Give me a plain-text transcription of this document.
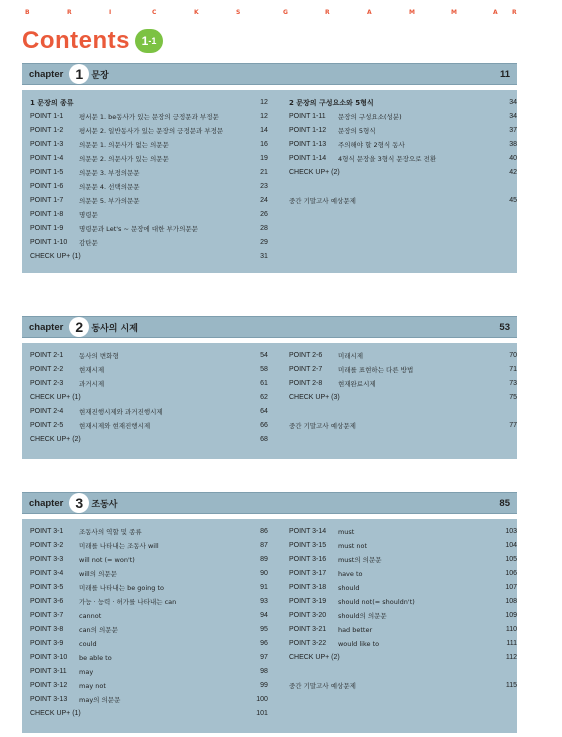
B	R	I	C	K	S	G	R	A	M	M	A R
Contents 1 -1
chapter 1 문장	11
1 문장의 종류	12
POINT 1-1 평서문 1. be동사가 있는 문장의 긍정문과 부정문	12
POINT 1-2 평서문 2. 일반동사가 있는 문장의 긍정문과 부정문	14
POINT 1-3 의문문 1. 의문사가 없는 의문문	16
POINT 1-4 의문문 2. 의문사가 있는 의문문	19
POINT 1-5 의문문 3. 부정의문문	21
POINT 1-6 의문문 4. 선택의문문	23
POINT 1-7 의문문 5. 부가의문문	24
POINT 1-8 명령문	26
POINT 1-9 명령문과 Let's ~ 문장에 대한 부가의문문	28
POINT 1-10 감탄문	29
CHECK UP+ (1)	31
2 문장의 구성요소와 5형식	34
POINT 1-11 문장의 구성요소(성분)	34
POINT 1-12 문장의 5형식	37
POINT 1-13 주의해야 할 2형식 동사	38
POINT 1-14 4형식 문장을 3형식 문장으로 전환	40
CHECK UP+ (2)	42
중간 기말고사 예상문제	45
chapter 2 동사의 시제	53
POINT 2-1 동사의 변화형	54
POINT 2-2 현재시제	58
POINT 2-3 과거시제	61
CHECK UP+ (1)	62
POINT 2-4 현재진행시제와 과거진행시제	64
POINT 2-5 현재시제와 현재진행시제	66
CHECK UP+ (2)	68
POINT 2-6 미래시제	70
POINT 2-7 미래를 표현하는 다른 방법	71
POINT 2-8 현재완료시제	73
CHECK UP+ (3)	75
중간 기말고사 예상문제	77
chapter 3 조동사	85
POINT 3-1 조동사의 역할 및 종류	86
POINT 3-2 미래를 나타내는 조동사 will	87
POINT 3-3 will not (= won't)	89
POINT 3-4 will의 의문문	90
POINT 3-5 미래를 나타내는 be going to	91
POINT 3-6 가능 · 능력 · 허가를 나타내는 can	93
POINT 3-7 cannot	94
POINT 3-8 can의 의문문	95
POINT 3-9 could	96
POINT 3-10 be able to	97
POINT 3-11 may	98
POINT 3-12 may not	99
POINT 3-13 may의 의문문	100
CHECK UP+ (1)	101
POINT 3-14 must	103
POINT 3-15 must not	104
POINT 3-16 must의 의문문	105
POINT 3-17 have to	106
POINT 3-18 should	107
POINT 3-19 should not(= shouldn't)	108
POINT 3-20 should의 의문문	109
POINT 3-21 had better	110
POINT 3-22 would like to	111
CHECK UP+ (2)	112
중간 기말고사 예상문제	115
